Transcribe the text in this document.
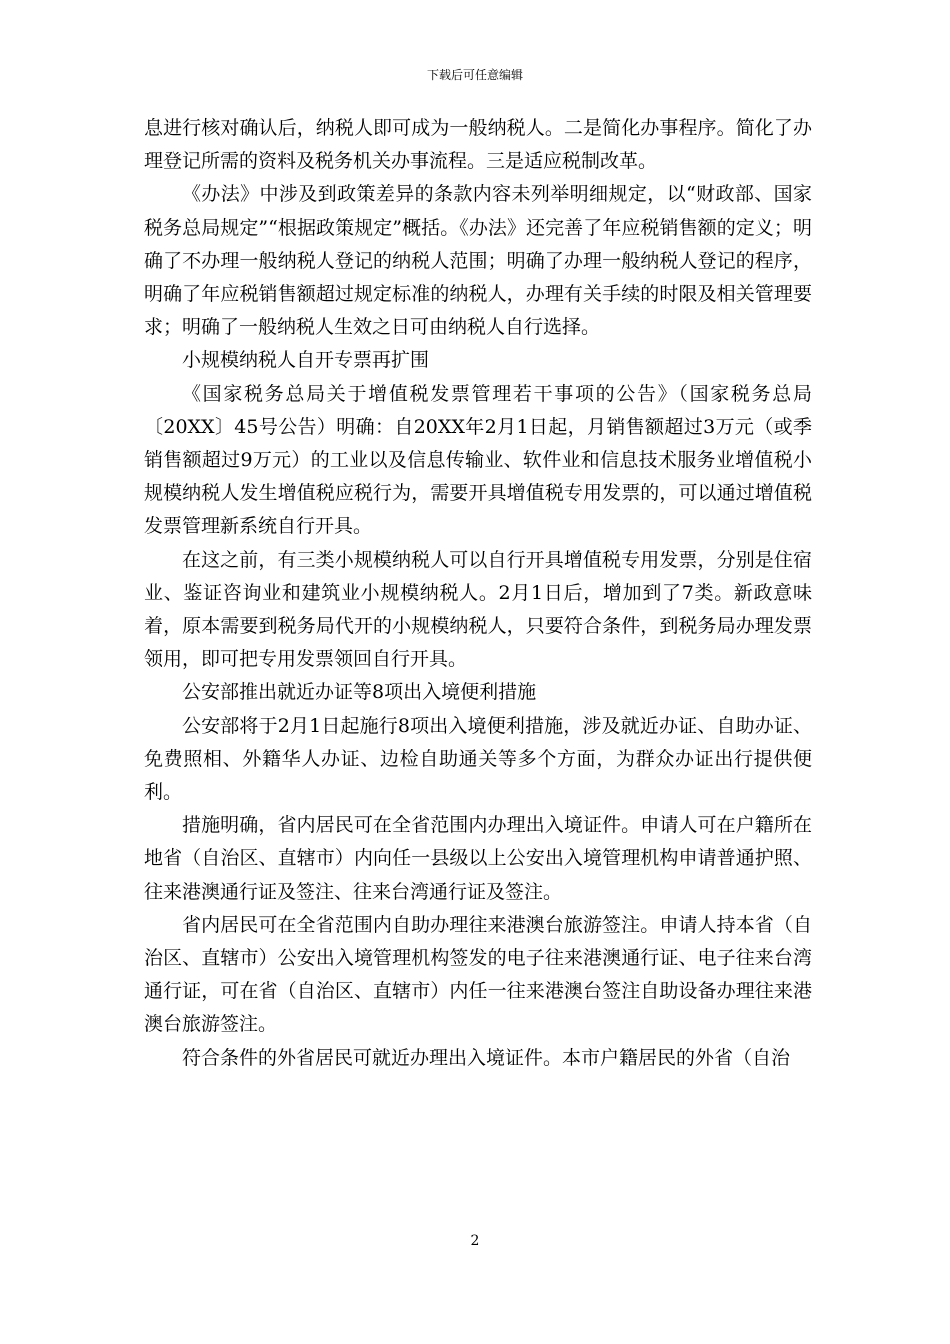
下载后可任意编辑

息进行核对确认后，纳税人即可成为一般纳税人。二是简化办事程序。简化了办理登记所需的资料及税务机关办事流程。三是适应税制改革。

《办法》中涉及到政策差异的条款内容未列举明细规定，以“财政部、国家税务总局规定”“根据政策规定”概括。《办法》还完善了年应税销售额的定义；明确了不办理一般纳税人登记的纳税人范围；明确了办理一般纳税人登记的程序，明确了年应税销售额超过规定标准的纳税人，办理有关手续的时限及相关管理要求；明确了一般纳税人生效之日可由纳税人自行选择。

小规模纳税人自开专票再扩围

《国家税务总局关于增值税发票管理若干事项的公告》（国家税务总局〔20XX〕45号公告）明确：自20XX年2月1日起，月销售额超过3万元（或季销售额超过9万元）的工业以及信息传输业、软件业和信息技术服务业增值税小规模纳税人发生增值税应税行为，需要开具增值税专用发票的，可以通过增值税发票管理新系统自行开具。

在这之前，有三类小规模纳税人可以自行开具增值税专用发票，分别是住宿业、鉴证咨询业和建筑业小规模纳税人。2月1日后，增加到了7类。新政意味着，原本需要到税务局代开的小规模纳税人，只要符合条件，到税务局办理发票领用，即可把专用发票领回自行开具。

公安部推出就近办证等8项出入境便利措施

公安部将于2月1日起施行8项出入境便利措施，涉及就近办证、自助办证、免费照相、外籍华人办证、边检自助通关等多个方面，为群众办证出行提供便利。

措施明确，省内居民可在全省范围内办理出入境证件。申请人可在户籍所在地省（自治区、直辖市）内向任一县级以上公安出入境管理机构申请普通护照、往来港澳通行证及签注、往来台湾通行证及签注。

省内居民可在全省范围内自助办理往来港澳台旅游签注。申请人持本省（自治区、直辖市）公安出入境管理机构签发的电子往来港澳通行证、电子往来台湾通行证，可在省（自治区、直辖市）内任一往来港澳台签注自助设备办理往来港澳台旅游签注。

符合条件的外省居民可就近办理出入境证件。本市户籍居民的外省（自治

2
